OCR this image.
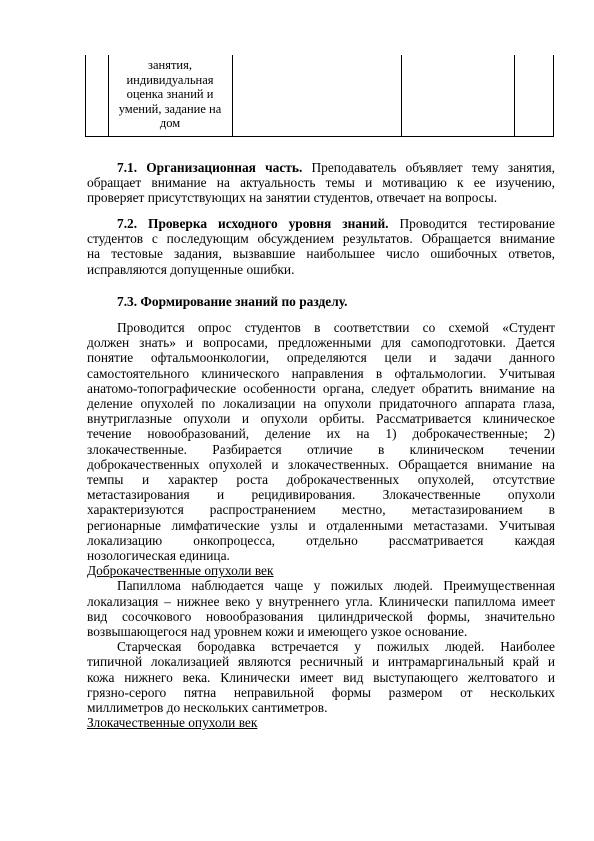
занятия,
индивидуальная
оценка знаний и
умений, задание на
дом

7.1. Организационная часть. Преподаватель объявляет тему занятия,
обращает внимание на актуальность темы и мотивацию к ее изучению,
проверяет присутствующих на занятии студентов, отвечает на вопросы.

7.2. Проверка исходного уровня знаний. Проводится тестирование
студентов с последующим обсуждением результатов. Обращается внимание
на тестовые задания, вызвавшие наибольшее число ошибочных ответов,
исправляются допущенные ошибки.

7.3. Формирование знаний по разделу.

Проводится опрос студентов в соответствии со схемой «Студент
должен знать» и вопросами, предложенными для самоподготовки. Дается
понятие офтальмоонкологии, определяются цели и задачи данного
самостоятельного клинического направления в офтальмологии. Учитывая
анатомо-топографические особенности органа, следует обратить внимание на
деление опухолей по локализации на опухоли придаточного аппарата глаза,
внутриглазные опухоли и опухоли орбиты. Рассматривается клиническое
течение новообразований, деление их на 1) доброкачественные; 2)
злокачественные. Разбирается отличие в клиническом течении
доброкачественных опухолей и злокачественных. Обращается внимание на
темпы и характер роста доброкачественных опухолей, отсутствие
метастазирования и рецидивирования. Злокачественные опухоли
характеризуются распространением местно, метастазированием в
регионарные лимфатические узлы и отдаленными метастазами. Учитывая
локализацию онкопроцесса, отдельно рассматривается каждая
нозологическая единица.

Доброкачественные опухоли век

Папиллома наблюдается чаще у пожилых людей. Преимущественная
локализация – нижнее веко у внутреннего угла. Клинически папиллома имеет
вид сосочкового новообразования цилиндрической формы, значительно
возвышающегося над уровнем кожи и имеющего узкое основание.

Старческая бородавка встречается у пожилых людей. Наиболее
типичной локализацией являются ресничный и интрамаргинальный край и
кожа нижнего века. Клинически имеет вид выступающего желтоватого и
грязно-серого пятна неправильной формы размером от нескольких
миллиметров до нескольких сантиметров.

Злокачественные опухоли век
